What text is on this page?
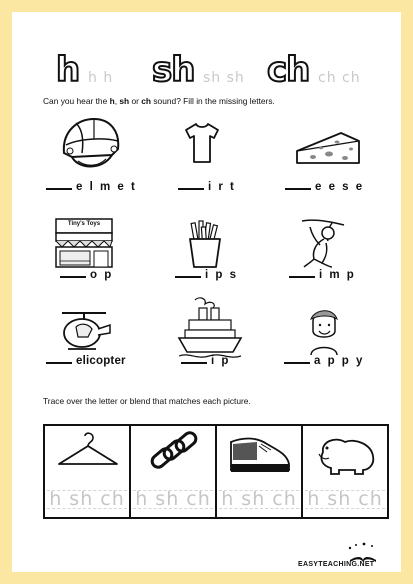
h h h sh sh sh ch ch ch
Can you hear the h, sh or ch sound? Fill in the missing letters.
e l m e t	i r t	e e s e
Tiny's Toys
o p	i p s	i m p
elicopter	i p	a p p y
Trace over the letter or blend that matches each picture.
h sh ch h sh ch h sh ch h sh ch
EASYTEACHING.NET
